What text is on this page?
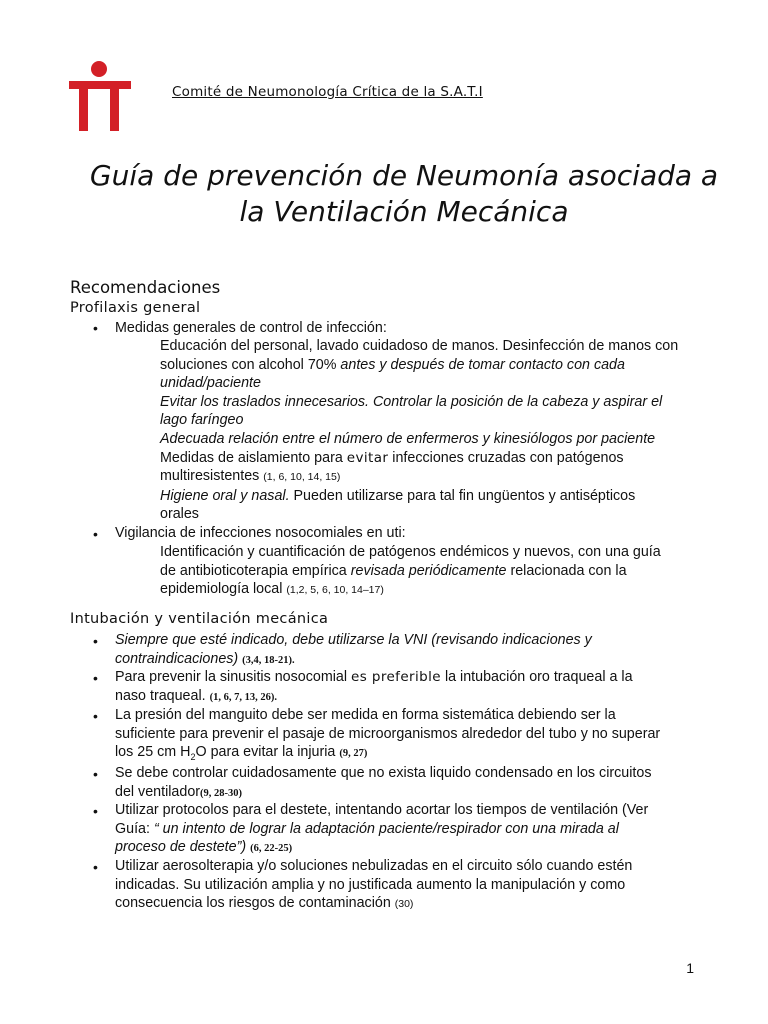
Comité de Neumonología Crítica de la S.A.T.I
Guía de prevención de Neumonía asociada a
la Ventilación Mecánica
Recomendaciones
Profilaxis general
• Medidas generales de control de infección:
Educación del personal, lavado cuidadoso de manos. Desinfección de manos con
soluciones con alcohol 70% antes y después de tomar contacto con cada
unidad/paciente
Evitar los traslados innecesarios. Controlar la posición de la cabeza y aspirar el
lago faríngeo
Adecuada relación entre el número de enfermeros y kinesiólogos por paciente
Medidas de aislamiento para evitar infecciones cruzadas con patógenos
multiresistentes (1, 6, 10, 14, 15)
Higiene oral y nasal. Pueden utilizarse para tal fin ungüentos y antisépticos
orales
• Vigilancia de infecciones nosocomiales en uti:
Identificación y cuantificación de patógenos endémicos y nuevos, con una guía
de antibioticoterapia empírica revisada periódicamente relacionada con la
epidemiología local (1,2, 5, 6, 10, 14–17)
Intubación y ventilación mecánica
• Siempre que esté indicado, debe utilizarse la VNI (revisando indicaciones y
contraindicaciones) (3,4, 18-21).
• Para prevenir la sinusitis nosocomial es preferible la intubación oro traqueal a la
naso traqueal. (1, 6, 7, 13, 26).
• La presión del manguito debe ser medida en forma sistemática debiendo ser la
suficiente para prevenir el pasaje de microorganismos alrededor del tubo y no superar
los 25 cm $H_2O$ para evitar la injuria (9, 27)
• Se debe controlar cuidadosamente que no exista liquido condensado en los circuitos
del ventilador(9, 28-30)
• Utilizar protocolos para el destete, intentando acortar los tiempos de ventilación (Ver
Guía: “ un intento de lograr la adaptación paciente/respirador con una mirada al
proceso de destete”) (6, 22-25)
• Utilizar aerosolterapia y/o soluciones nebulizadas en el circuito sólo cuando estén
indicadas. Su utilización amplia y no justificada aumento la manipulación y como
consecuencia los riesgos de contaminación (30)
1
